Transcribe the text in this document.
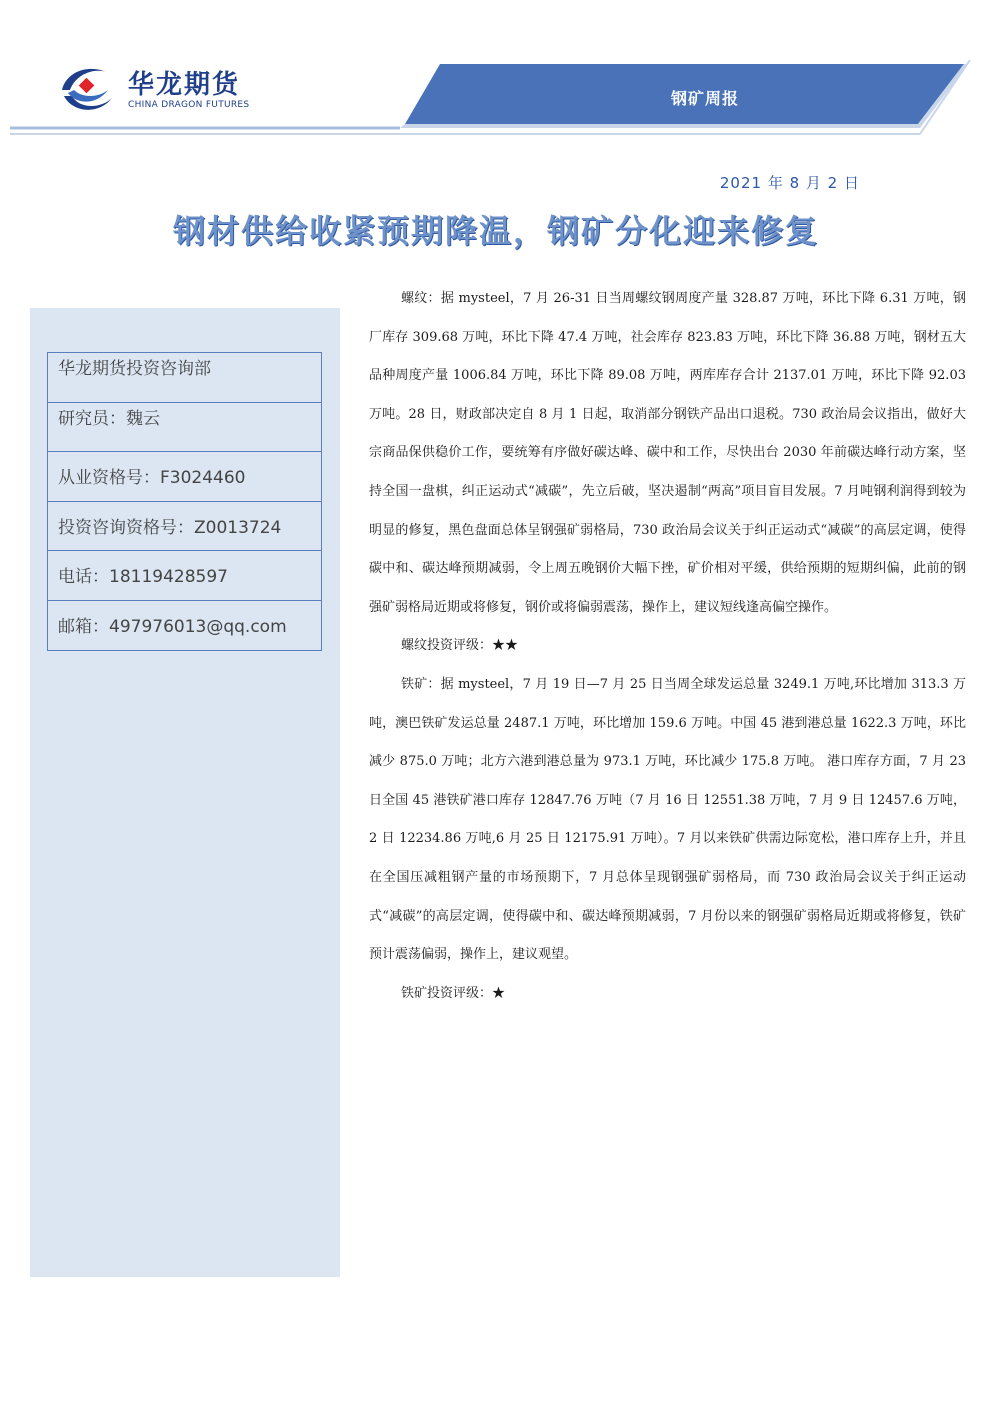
华龙期货
CHINA DRAGON FUTURES	钢矿周报
2021 年 8 月 2 日
钢材供给收紧预期降温，钢矿分化迎来修复
华龙期货投资咨询部
研究员：魏云
从业资格号：F3024460
投资咨询资格号：Z0013724
电话：18119428597
邮箱：497976013@qq.com

螺纹：据 mysteel，7 月 26-31 日当周螺纹钢周度产量 328.87 万吨，环比下降 6.31 万吨，钢厂库存 309.68 万吨，环比下降 47.4 万吨，社会库存 823.83 万吨，环比下降 36.88 万吨，钢材五大品种周度产量 1006.84 万吨，环比下降 89.08 万吨，两库库存合计 2137.01 万吨，环比下降 92.03 万吨。28 日，财政部决定自 8 月 1 日起，取消部分钢铁产品出口退税。730 政治局会议指出，做好大宗商品保供稳价工作，要统筹有序做好碳达峰、碳中和工作，尽快出台 2030 年前碳达峰行动方案，坚持全国一盘棋，纠正运动式“减碳”，先立后破，坚决遏制“两高”项目盲目发展。7 月吨钢利润得到较为明显的修复，黑色盘面总体呈钢强矿弱格局，730 政治局会议关于纠正运动式“减碳”的高层定调，使得碳中和、碳达峰预期减弱，令上周五晚钢价大幅下挫，矿价相对平缓，供给预期的短期纠偏，此前的钢强矿弱格局近期或将修复，钢价或将偏弱震荡，操作上，建议短线逢高偏空操作。

螺纹投资评级：★★

铁矿：据 mysteel，7 月 19 日—7 月 25 日当周全球发运总量 3249.1 万吨,环比增加 313.3 万吨，澳巴铁矿发运总量 2487.1 万吨，环比增加 159.6 万吨。中国 45 港到港总量 1622.3 万吨，环比减少 875.0 万吨；北方六港到港总量为 973.1 万吨，环比减少 175.8 万吨。 港口库存方面，7 月 23 日全国 45 港铁矿港口库存 12847.76 万吨（7 月 16 日 12551.38 万吨，7 月 9 日 12457.6 万吨，2 日 12234.86 万吨,6 月 25 日 12175.91 万吨）。7 月以来铁矿供需边际宽松，港口库存上升，并且在全国压减粗钢产量的市场预期下，7 月总体呈现钢强矿弱格局，而 730 政治局会议关于纠正运动式“减碳”的高层定调，使得碳中和、碳达峰预期减弱，7 月份以来的钢强矿弱格局近期或将修复，铁矿预计震荡偏弱，操作上，建议观望。

铁矿投资评级：★
